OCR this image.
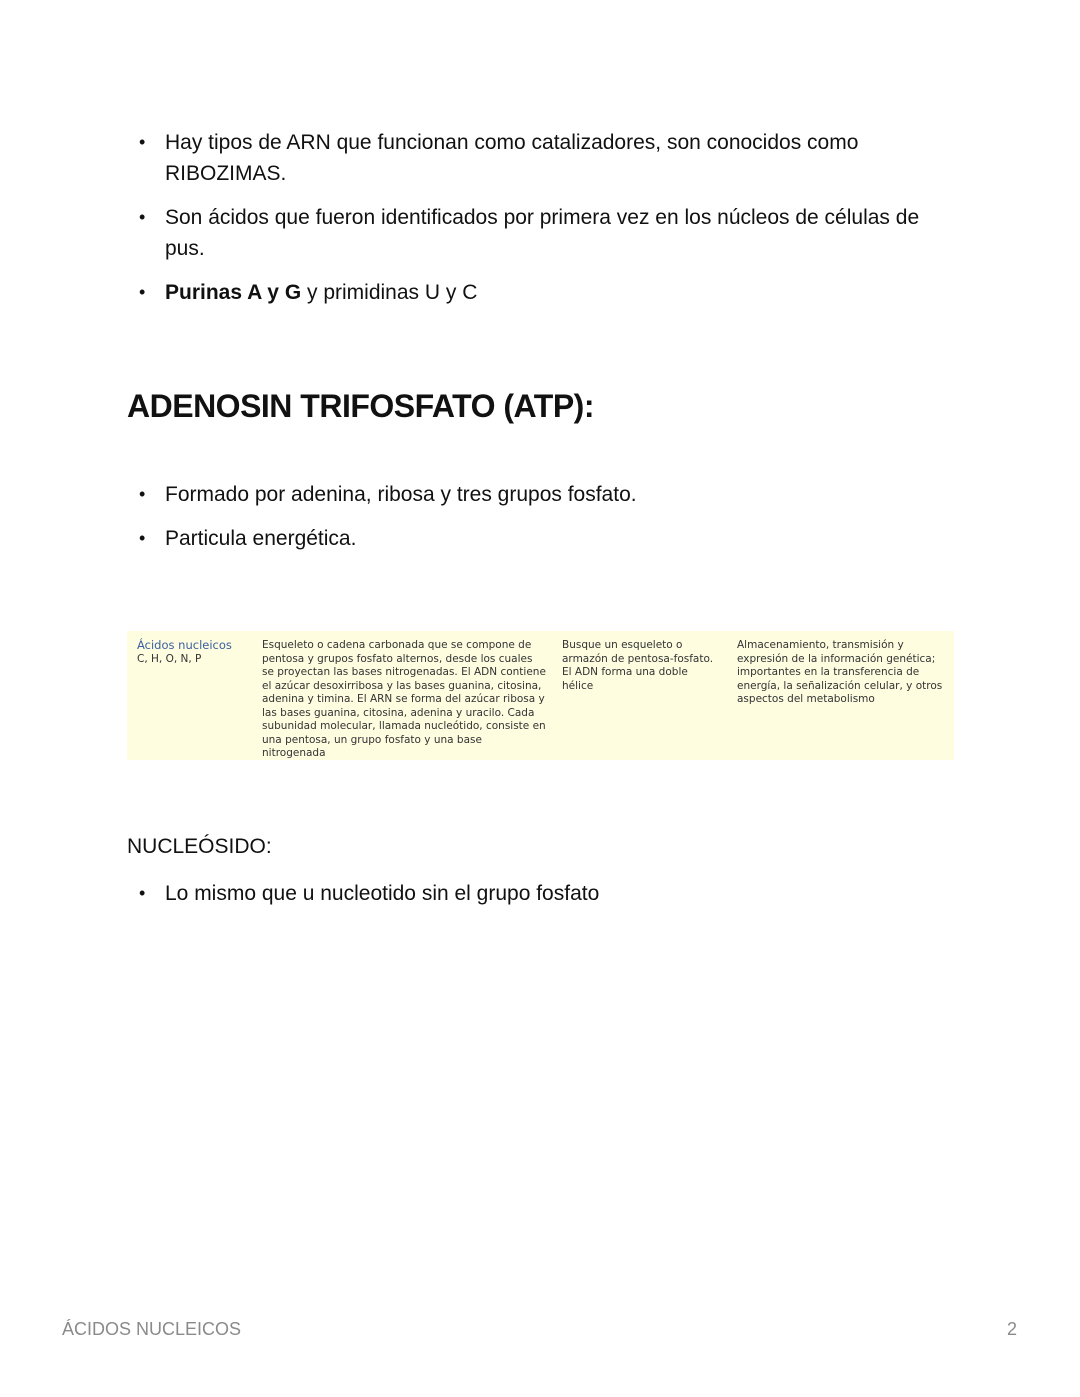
• Hay tipos de ARN que funcionan como catalizadores, son conocidos como RIBOZIMAS.
• Son ácidos que fueron identificados por primera vez en los núcleos de células de pus.
• Purinas A y G y primidinas U y C
ADENOSIN TRIFOSFATO (ATP):
• Formado por adenina, ribosa y tres grupos fosfato.
• Particula energética.
Ácidos nucleicos
C, H, O, N, P
Esqueleto o cadena carbonada que se compone de pentosa y grupos fosfato alternos, desde los cuales se proyectan las bases nitrogenadas. El ADN contiene el azúcar desoxirribosa y las bases guanina, citosina, adenina y timina. El ARN se forma del azúcar ribosa y las bases guanina, citosina, adenina y uracilo. Cada subunidad molecular, llamada nucleótido, consiste en una pentosa, un grupo fosfato y una base nitrogenada
Busque un esqueleto o armazón de pentosa-fosfato. El ADN forma una doble hélice
Almacenamiento, transmisión y expresión de la información genética; importantes en la transferencia de energía, la señalización celular, y otros aspectos del metabolismo
NUCLEÓSIDO:
• Lo mismo que u nucleotido sin el grupo fosfato
ÁCIDOS NUCLEICOS	2
